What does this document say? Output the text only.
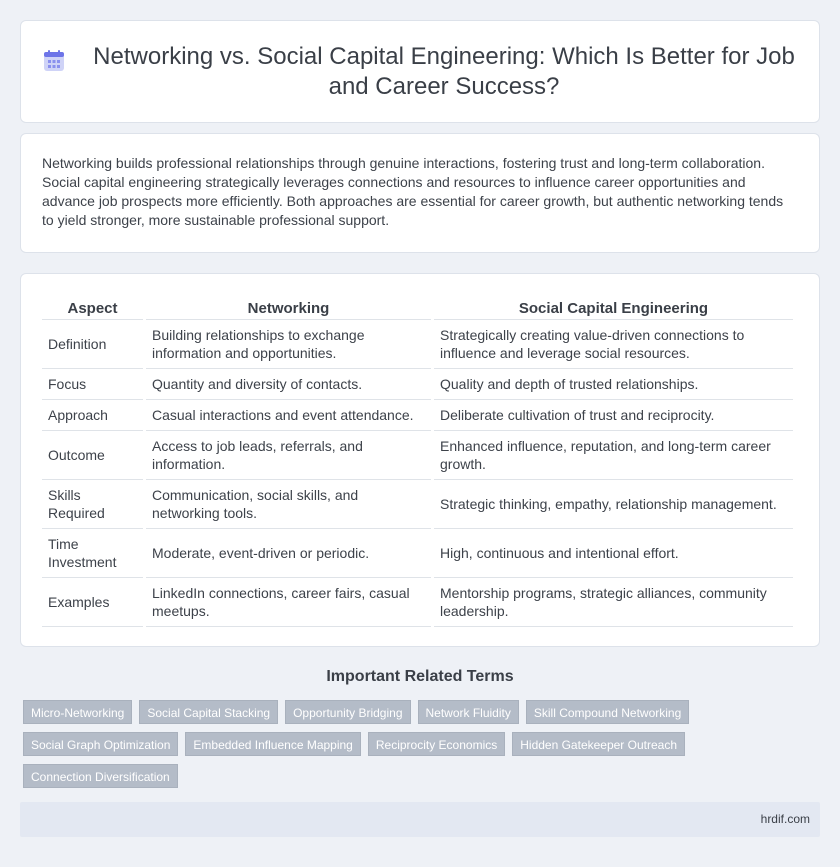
Networking vs. Social Capital Engineering: Which Is Better for Job and Career Success?

Networking builds professional relationships through genuine interactions, fostering trust and long-term collaboration. Social capital engineering strategically leverages connections and resources to influence career opportunities and advance job prospects more efficiently. Both approaches are essential for career growth, but authentic networking tends to yield stronger, more sustainable professional support.

Aspect	Networking	Social Capital Engineering
Definition	Building relationships to exchange information and opportunities.	Strategically creating value-driven connections to influence and leverage social resources.
Focus	Quantity and diversity of contacts.	Quality and depth of trusted relationships.
Approach	Casual interactions and event attendance.	Deliberate cultivation of trust and reciprocity.
Outcome	Access to job leads, referrals, and information.	Enhanced influence, reputation, and long-term career growth.
Skills Required	Communication, social skills, and networking tools.	Strategic thinking, empathy, relationship management.
Time Investment	Moderate, event-driven or periodic.	High, continuous and intentional effort.
Examples	LinkedIn connections, career fairs, casual meetups.	Mentorship programs, strategic alliances, community leadership.
Important Related Terms
Micro-Networking	Social Capital Stacking	Opportunity Bridging	Network Fluidity	Skill Compound Networking
Social Graph Optimization	Embedded Influence Mapping	Reciprocity Economics	Hidden Gatekeeper Outreach
Connection Diversification
hrdif.com
